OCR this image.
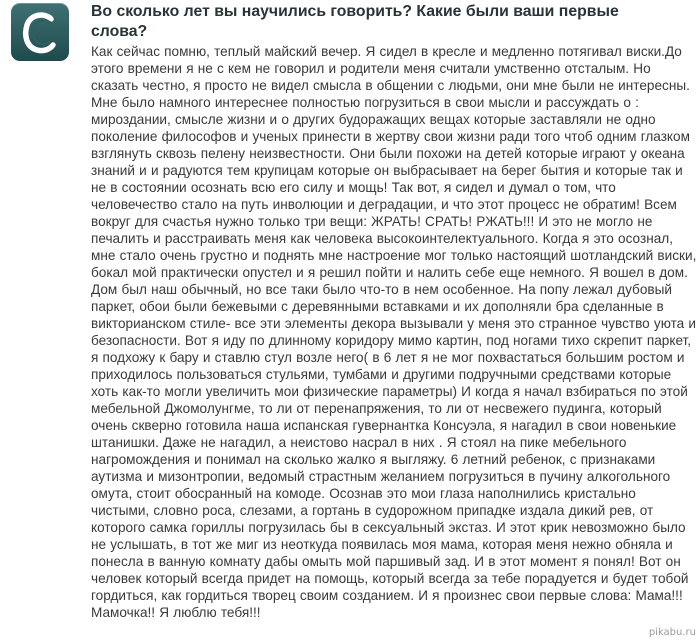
Во сколько лет вы научились говорить? Какие были ваши первые слова?

Как сейчас помню, теплый майский вечер. Я сидел в кресле и медленно потягивал виски.До этого времени я не с кем не говорил и родители меня считали умственно отсталым. Но сказать честно, я просто не видел смысла в общении с людьми, они мне были не интересны. Мне было намного интереснее полностью погрузиться в свои мысли и рассуждать о : мироздании, смысле жизни и о других будоражащих вещах которые заставляли не одно поколение философов и ученых принести в жертву свои жизни ради того чтоб одним глазком взглянуть сквозь пелену неизвестности. Они были похожи на детей которые играют у океана знаний и и радуются тем крупицам которые он выбрасывает на берег бытия и которые так и не в состоянии осознать всю его силу и мощь! Так вот, я сидел и думал о том, что человечество стало на путь инволюции и деградации, и что этот процесс не обратим! Всем вокруг для счастья нужно только три вещи: ЖРАТЬ! СРАТЬ! РЖАТЬ!!! И это не могло не печалить и расстраивать меня как человека высокоинтелектуального. Когда я это осознал, мне стало очень грустно и поднять мне настроение мог только настоящий шотландский виски, бокал мой практически опустел и я решил пойти и налить себе еще немного. Я вошел в дом. Дом был наш обычный, но все таки было что-то в нем особенное. На попу лежал дубовый паркет, обои были бежевыми с деревянными вставками и их дополняли бра сделанные в викторианском стиле- все эти элементы декора вызывали у меня это странное чувство уюта и безопасности. Вот я иду по длинному коридору мимо картин, под ногами тихо скрепит паркет, я подхожу к бару и ставлю стул возле него( в 6 лет я не мог похвастаться большим ростом и приходилось пользоваться стульями, тумбами и другими подручными средствами которые хоть как-то могли увеличить мои физические параметры) И когда я начал взбираться по этой мебельной Джомолунгме, то ли от перенапряжения, то ли от несвежего пудинга, который очень скверно готовила наша испанская гувернантка Консуэла, я нагадил в свои новенькие штанишки. Даже не нагадил, а неистово насрал в них . Я стоял на пике мебельного нагромождения и понимал на сколько жалко я выгляжу. 6 летний ребенок, с признаками аутизма и мизонтропии, ведомый страстным желанием погрузиться в пучину алкогольного омута, стоит обосранный на комоде. Осознав это мои глаза наполнились кристально чистыми, словно роса, слезами, а гортань в судорожном припадке издала дикий рев, от которого самка гориллы погрузилась бы в сексуальный экстаз. И этот крик невозможно было не услышать, в тот же миг из неоткуда появилась моя мама, которая меня нежно обняла и понесла в ванную комнату дабы омыть мой паршивый зад. И в этот момент я понял! Вот он человек который всегда придет на помощь, который всегда за тебе порадуется и будет тобой гордиться, как гордиться творец своим созданием. И я произнес свои первые слова: Мама!!! Мамочка!! Я люблю тебя!!!

pikabu.ru
